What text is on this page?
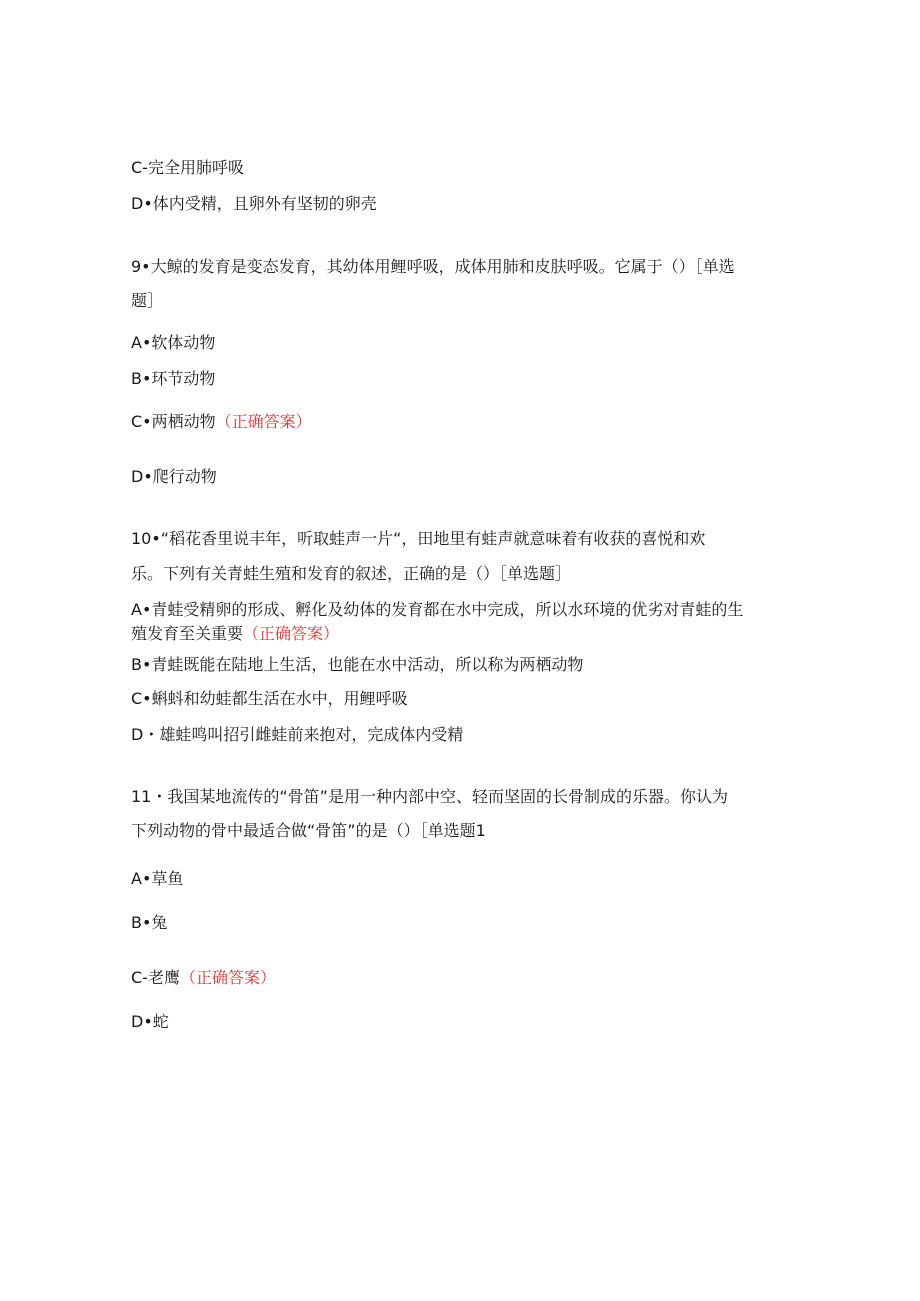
C-完全用肺呼吸
D•体内受精，且卵外有坚韧的卵壳
9•大鲸的发育是变态发育，其幼体用鲤呼吸，成体用肺和皮肤呼吸。它属于（）［单选
题］
A•软体动物
B•环节动物
C•两栖动物（正确答案）
D•爬行动物
10•“稻花香里说丰年，听取蛙声一片“，田地里有蛙声就意味着有收获的喜悦和欢
乐。下列有关青蛙生殖和发育的叙述，正确的是（）［单选题］
A•青蛙受精卵的形成、孵化及幼体的发育都在水中完成，所以水环境的优劣对青蛙的生
殖发育至关重要（正确答案）
B•青蛙既能在陆地上生活，也能在水中活动，所以称为两栖动物
C•蝌蚪和幼蛙都生活在水中，用鲤呼吸
D・雄蛙鸣叫招引雌蛙前来抱对，完成体内受精
11・我国某地流传的“骨笛”是用一种内部中空、轻而坚固的长骨制成的乐器。你认为
下列动物的骨中最适合做“骨笛”的是（）［单选题1
A•草鱼
B•兔
C-老鹰（正确答案）
D•蛇
